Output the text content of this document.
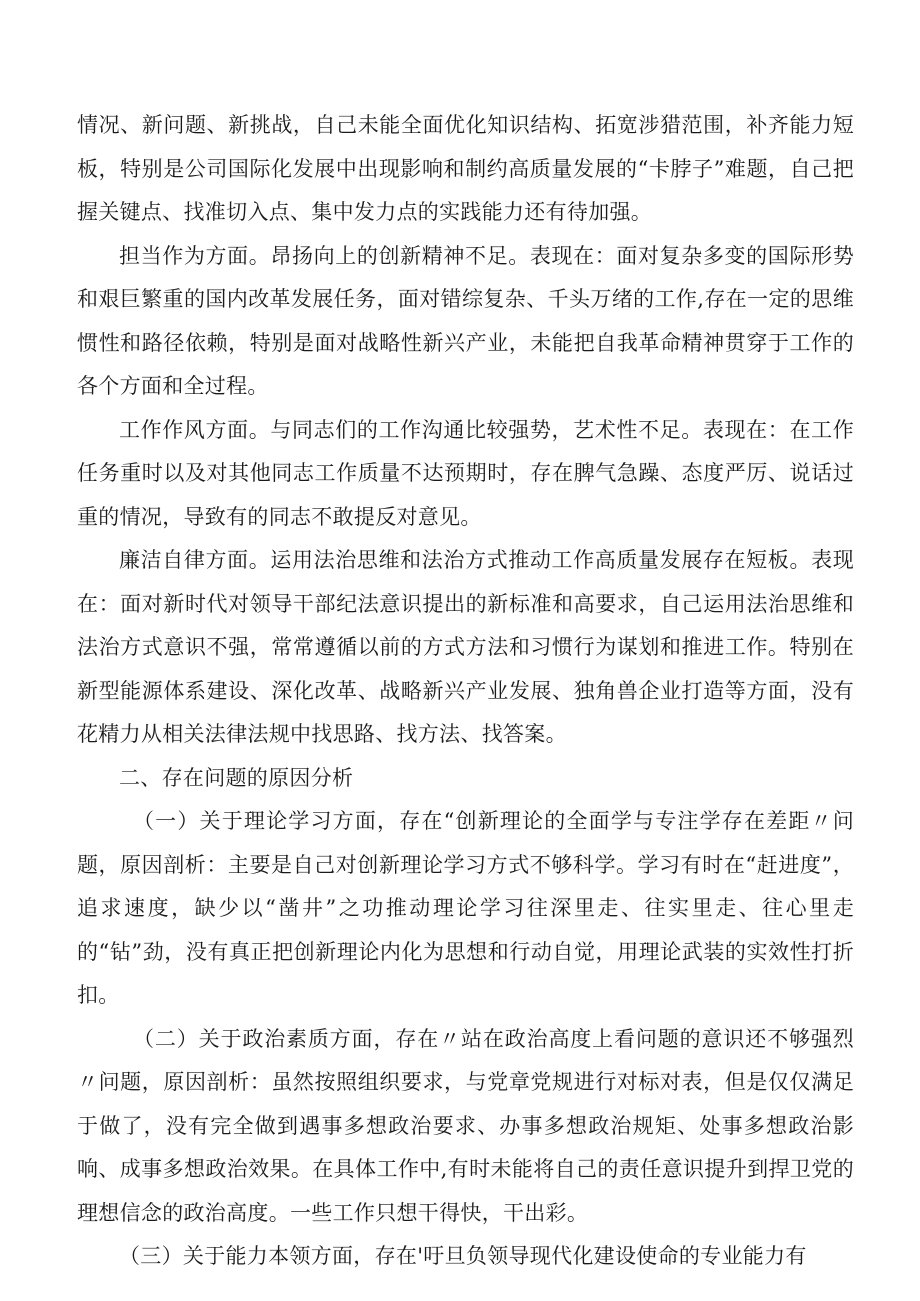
情况、新问题、新挑战，自己未能全面优化知识结构、拓宽涉猎范围，补齐能力短板，特别是公司国际化发展中出现影响和制约高质量发展的“卡脖子”难题，自己把握关键点、找准切入点、集中发力点的实践能力还有待加强。

担当作为方面。昂扬向上的创新精神不足。表现在：面对复杂多变的国际形势和艰巨繁重的国内改革发展任务，面对错综复杂、千头万绪的工作,存在一定的思维惯性和路径依赖，特别是面对战略性新兴产业，未能把自我革命精神贯穿于工作的各个方面和全过程。

工作作风方面。与同志们的工作沟通比较强势，艺术性不足。表现在：在工作任务重时以及对其他同志工作质量不达预期时，存在脾气急躁、态度严厉、说话过重的情况，导致有的同志不敢提反对意见。

廉洁自律方面。运用法治思维和法治方式推动工作高质量发展存在短板。表现在：面对新时代对领导干部纪法意识提出的新标准和高要求，自己运用法治思维和法治方式意识不强，常常遵循以前的方式方法和习惯行为谋划和推进工作。特别在新型能源体系建设、深化改革、战略新兴产业发展、独角兽企业打造等方面，没有花精力从相关法律法规中找思路、找方法、找答案。

二、存在问题的原因分析

（一）关于理论学习方面，存在“创新理论的全面学与专注学存在差距〃问题，原因剖析：主要是自己对创新理论学习方式不够科学。学习有时在“赶进度”，追求速度，缺少以“凿井”之功推动理论学习往深里走、往实里走、往心里走的“钻”劲，没有真正把创新理论内化为思想和行动自觉，用理论武装的实效性打折扣。

（二）关于政治素质方面，存在〃站在政治高度上看问题的意识还不够强烈〃问题，原因剖析：虽然按照组织要求，与党章党规进行对标对表，但是仅仅满足于做了，没有完全做到遇事多想政治要求、办事多想政治规矩、处事多想政治影响、成事多想政治效果。在具体工作中,有时未能将自己的责任意识提升到捍卫党的理想信念的政治高度。一些工作只想干得快，干出彩。

（三）关于能力本领方面，存在'吁旦负领导现代化建设使命的专业能力有
